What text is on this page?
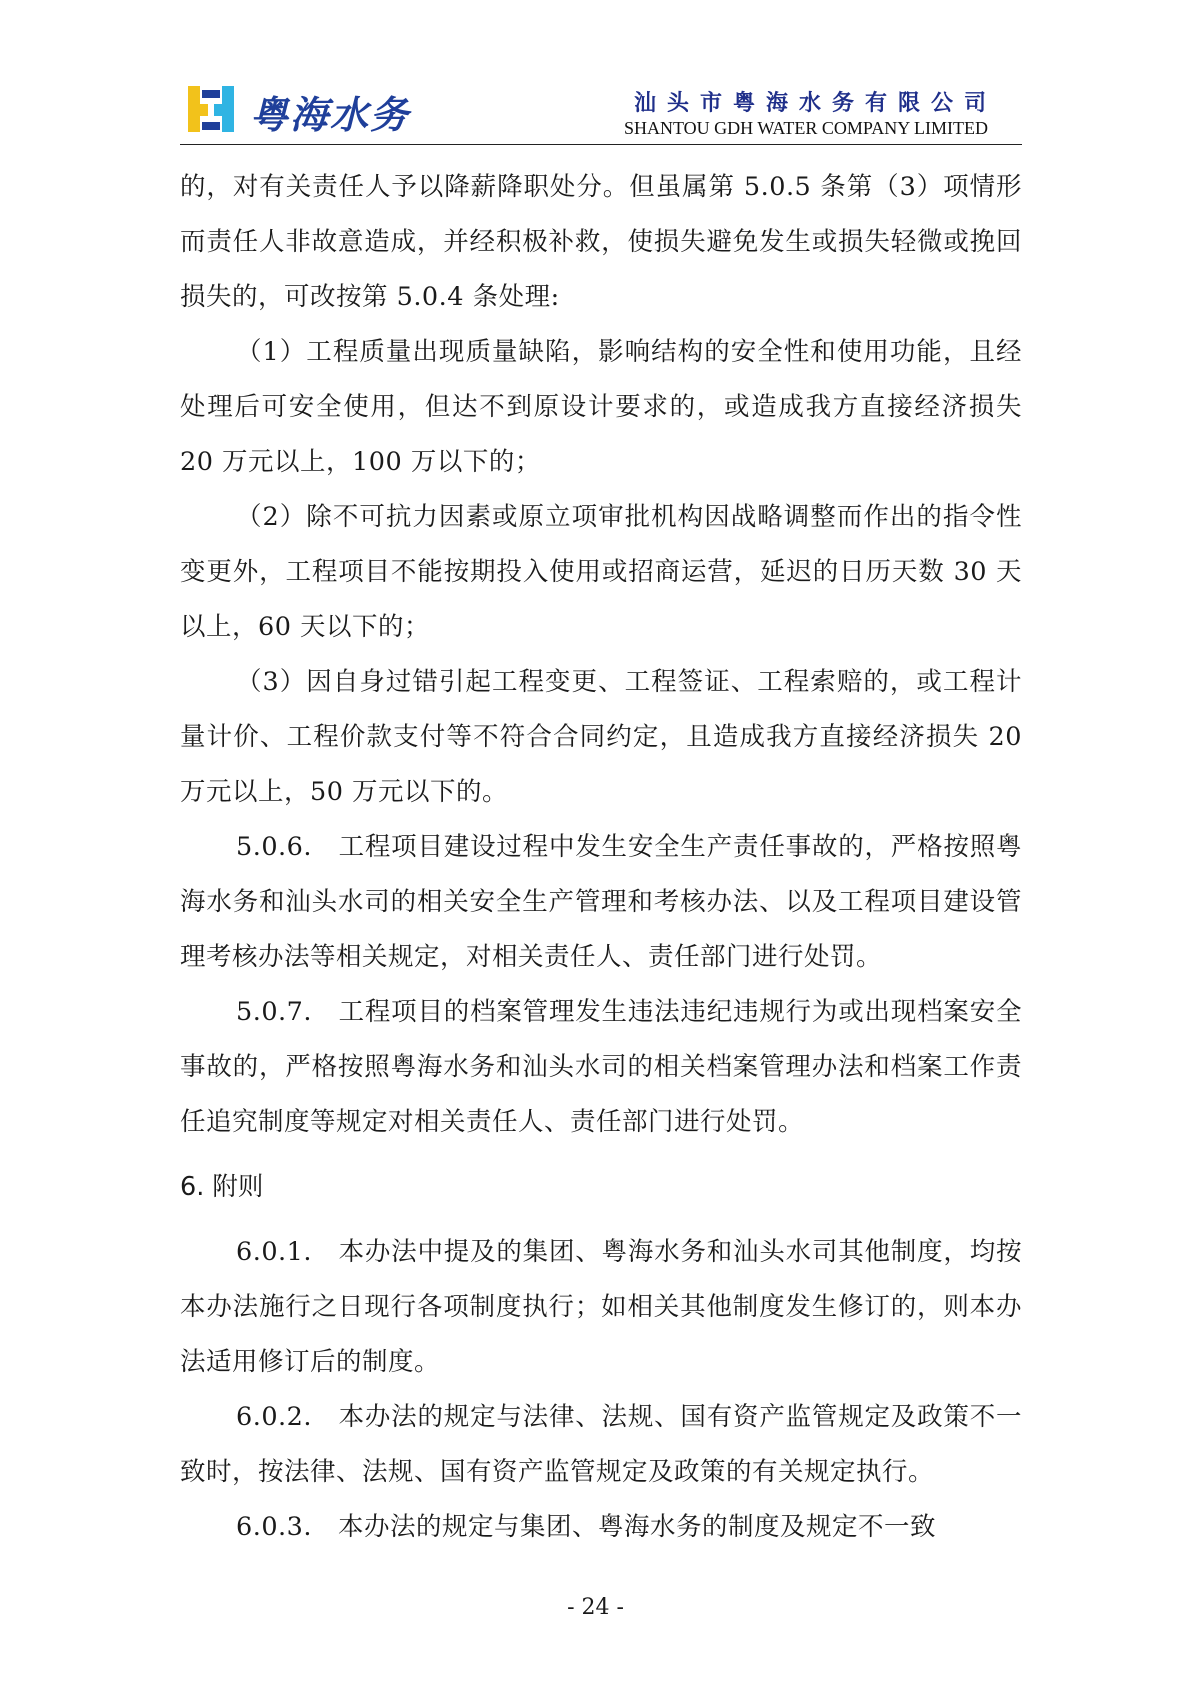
粤海水务	汕头市粤海水务有限公司
SHANTOU GDH WATER COMPANY LIMITED

的，对有关责任人予以降薪降职处分。但虽属第 5.0.5 条第（3）项情形而责任人非故意造成，并经积极补救，使损失避免发生或损失轻微或挽回损失的，可改按第 5.0.4 条处理:

（1）工程质量出现质量缺陷，影响结构的安全性和使用功能，且经处理后可安全使用，但达不到原设计要求的，或造成我方直接经济损失 20 万元以上，100 万以下的；

（2）除不可抗力因素或原立项审批机构因战略调整而作出的指令性变更外，工程项目不能按期投入使用或招商运营，延迟的日历天数 30 天以上，60 天以下的；

（3）因自身过错引起工程变更、工程签证、工程索赔的，或工程计量计价、工程价款支付等不符合合同约定，且造成我方直接经济损失 20 万元以上，50 万元以下的。

5.0.6.　工程项目建设过程中发生安全生产责任事故的，严格按照粤海水务和汕头水司的相关安全生产管理和考核办法、以及工程项目建设管理考核办法等相关规定，对相关责任人、责任部门进行处罚。

5.0.7.　工程项目的档案管理发生违法违纪违规行为或出现档案安全事故的，严格按照粤海水务和汕头水司的相关档案管理办法和档案工作责任追究制度等规定对相关责任人、责任部门进行处罚。

6. 附则

6.0.1.　本办法中提及的集团、粤海水务和汕头水司其他制度，均按本办法施行之日现行各项制度执行；如相关其他制度发生修订的，则本办法适用修订后的制度。

6.0.2.　本办法的规定与法律、法规、国有资产监管规定及政策不一致时，按法律、法规、国有资产监管规定及政策的有关规定执行。

6.0.3.　本办法的规定与集团、粤海水务的制度及规定不一致

- 24 -
